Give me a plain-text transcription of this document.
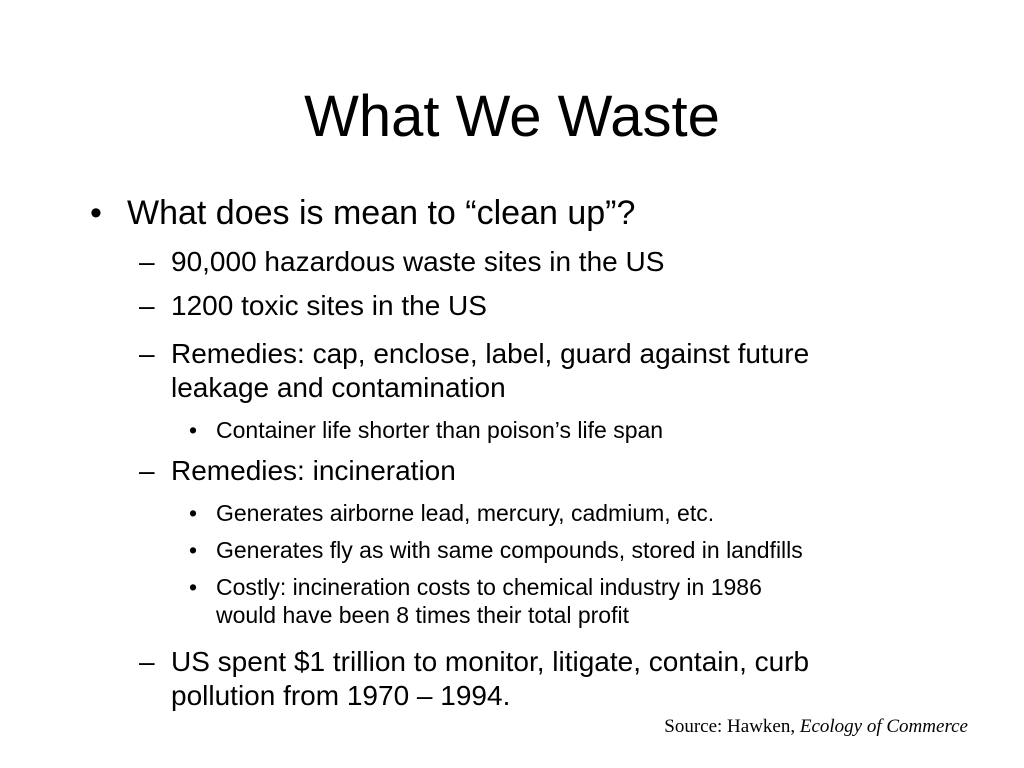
What We Waste

• What does is mean to “clean up”?

– 90,000 hazardous waste sites in the US

– 1200 toxic sites in the US

– Remedies: cap, enclose, label, guard against future
leakage and contamination

• Container life shorter than poison’s life span

– Remedies: incineration

• Generates airborne lead, mercury, cadmium, etc.

• Generates fly as with same compounds, stored in landfills

• Costly: incineration costs to chemical industry in 1986
would have been 8 times their total profit

– US spent $1 trillion to monitor, litigate, contain, curb
pollution from 1970 – 1994.

Source: Hawken, Ecology of Commerce
